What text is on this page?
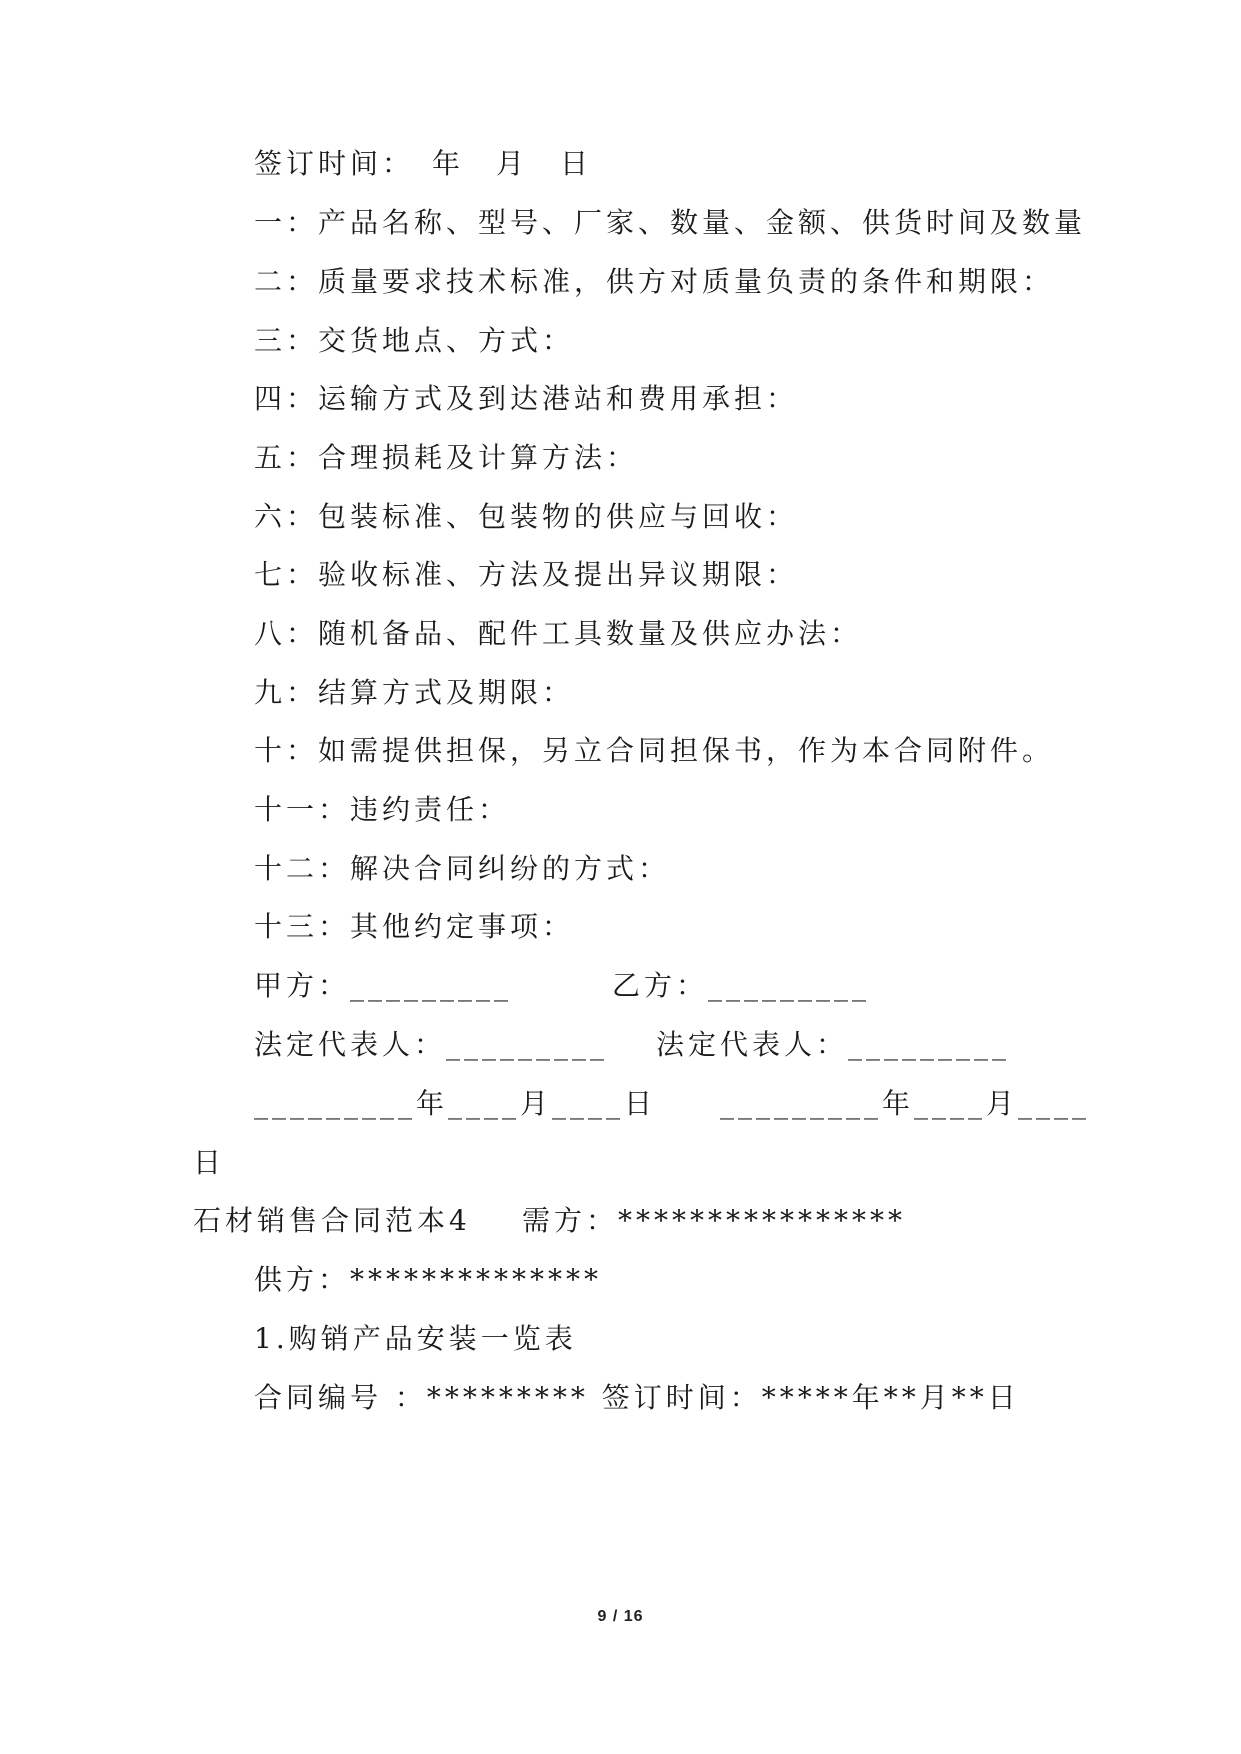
签订时间：　年　月　日
一：产品名称、型号、厂家、数量、金额、供货时间及数量
二：质量要求技术标准，供方对质量负责的条件和期限：
三：交货地点、方式：
四：运输方式及到达港站和费用承担：
五：合理损耗及计算方法：
六：包装标准、包装物的供应与回收：
七：验收标准、方法及提出异议期限：
八：随机备品、配件工具数量及供应办法：
九：结算方式及期限：
十：如需提供担保，另立合同担保书，作为本合同附件。
十一：违约责任：
十二：解决合同纠纷的方式：
十三：其他约定事项：
甲方：_________	乙方：_________
法定代表人：_________ 法定代表人：_________
_________年____月____日 _________年____月____
日
石材销售合同范本4 需方：****************
供方：**************
1.购销产品安装一览表
合同编号 ：********* 签订时间：*****年**月**日
9 / 16
